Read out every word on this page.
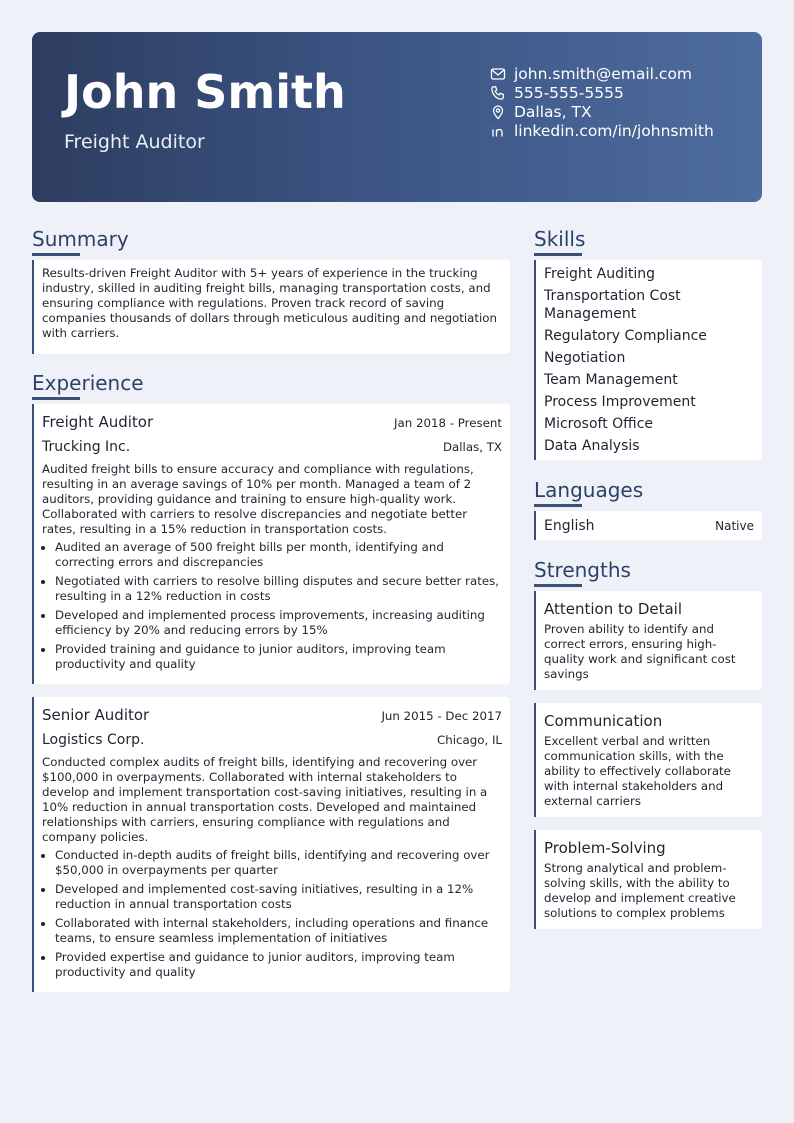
John Smith
Freight Auditor
john.smith@email.com
555-555-5555
Dallas, TX
linkedin.com/in/johnsmith
Summary
Results-driven Freight Auditor with 5+ years of experience in the trucking industry, skilled in auditing freight bills, managing transportation costs, and ensuring compliance with regulations. Proven track record of saving companies thousands of dollars through meticulous auditing and negotiation with carriers.
Experience
Freight Auditor	Jan 2018 - Present
Trucking Inc.	Dallas, TX
Audited freight bills to ensure accuracy and compliance with regulations, resulting in an average savings of 10% per month. Managed a team of 2 auditors, providing guidance and training to ensure high-quality work. Collaborated with carriers to resolve discrepancies and negotiate better rates, resulting in a 15% reduction in transportation costs.
• Audited an average of 500 freight bills per month, identifying and correcting errors and discrepancies
• Negotiated with carriers to resolve billing disputes and secure better rates, resulting in a 12% reduction in costs
• Developed and implemented process improvements, increasing auditing efficiency by 20% and reducing errors by 15%
• Provided training and guidance to junior auditors, improving team productivity and quality
Senior Auditor	Jun 2015 - Dec 2017
Logistics Corp.	Chicago, IL
Conducted complex audits of freight bills, identifying and recovering over $100,000 in overpayments. Collaborated with internal stakeholders to develop and implement transportation cost-saving initiatives, resulting in a 10% reduction in annual transportation costs. Developed and maintained relationships with carriers, ensuring compliance with regulations and company policies.
• Conducted in-depth audits of freight bills, identifying and recovering over $50,000 in overpayments per quarter
• Developed and implemented cost-saving initiatives, resulting in a 12% reduction in annual transportation costs
• Collaborated with internal stakeholders, including operations and finance teams, to ensure seamless implementation of initiatives
• Provided expertise and guidance to junior auditors, improving team productivity and quality
Skills
Freight Auditing
Transportation Cost Management
Regulatory Compliance
Negotiation
Team Management
Process Improvement
Microsoft Office
Data Analysis
Languages
English	Native
Strengths
Attention to Detail
Proven ability to identify and correct errors, ensuring high-quality work and significant cost savings
Communication
Excellent verbal and written communication skills, with the ability to effectively collaborate with internal stakeholders and external carriers
Problem-Solving
Strong analytical and problem-solving skills, with the ability to develop and implement creative solutions to complex problems
